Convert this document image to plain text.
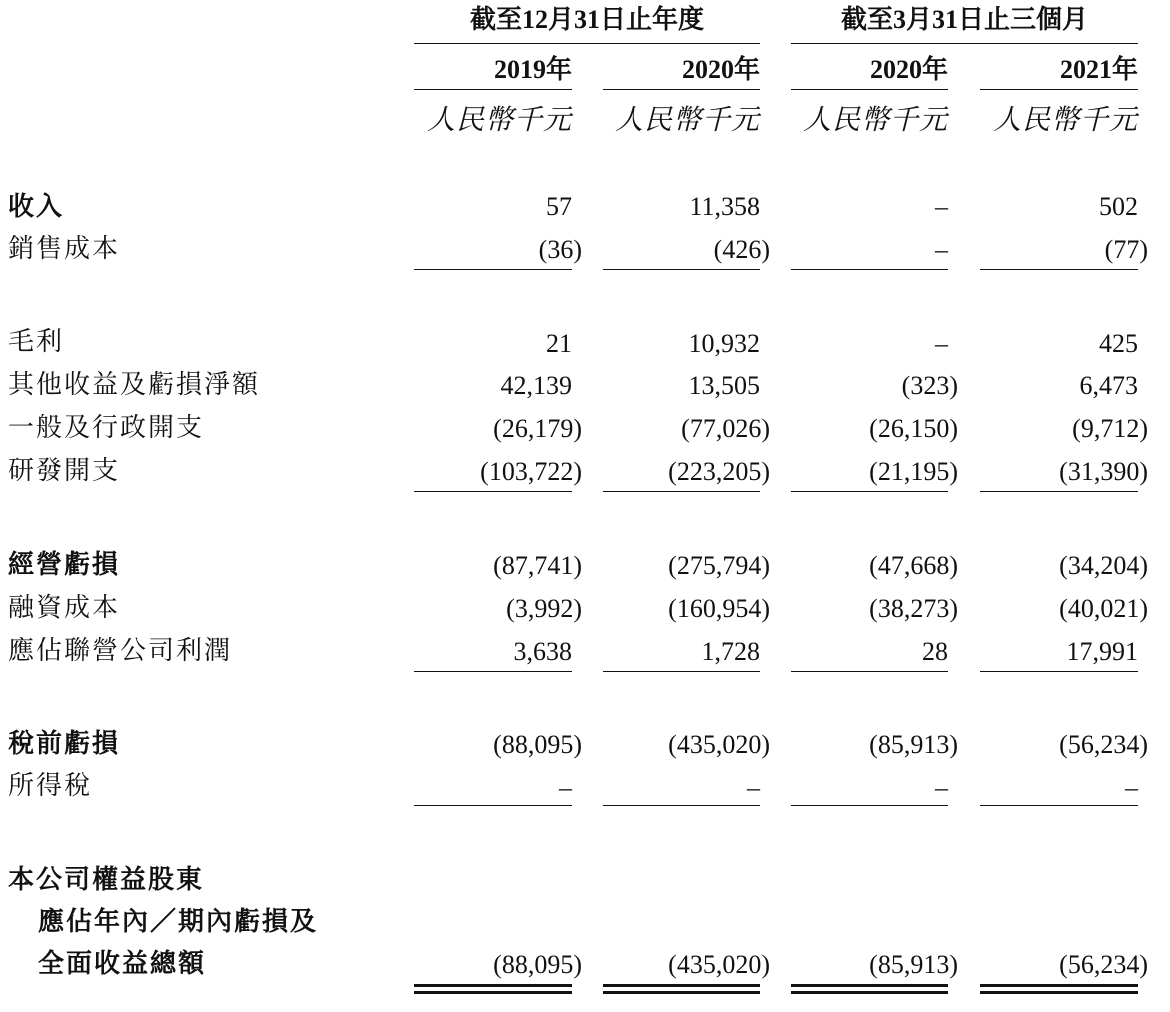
截至12月31日止年度	截至3月31日止三個月
2019年	2020年	2020年	2021年
人民幣千元	人民幣千元	人民幣千元	人民幣千元
收入	57	11,358	–	502
銷售成本	(36)	(426)	–	(77)
毛利	21	10,932	–	425
其他收益及虧損淨額	42,139	13,505	(323)	6,473
一般及行政開支	(26,179)	(77,026)	(26,150)	(9,712)
研發開支	(103,722)	(223,205)	(21,195)	(31,390)
經營虧損	(87,741)	(275,794)	(47,668)	(34,204)
融資成本	(3,992)	(160,954)	(38,273)	(40,021)
應佔聯營公司利潤	3,638	1,728	28	17,991
稅前虧損	(88,095)	(435,020)	(85,913)	(56,234)
所得稅	–	–	–	–
本公司權益股東
應佔年內／期內虧損及
全面收益總額	(88,095)	(435,020)	(85,913)	(56,234)
